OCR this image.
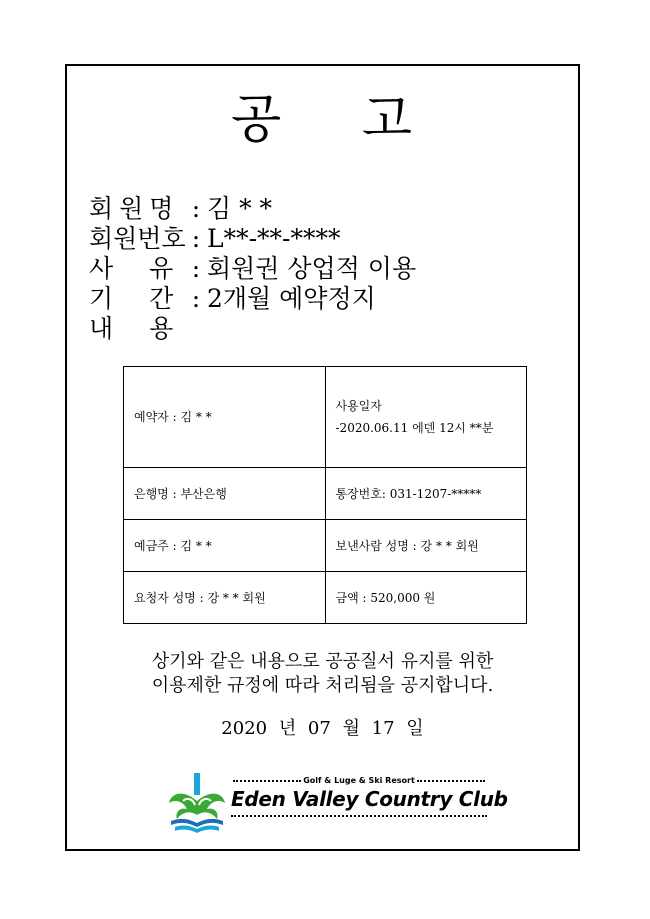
공 고
회원명 : 김 * *
회원번호 : L**-**-****
사 유 : 회원권 상업적 이용
기 간 : 2개월 예약정지
내 용
예약자 : 김 * *	사용일자
-2020.06.11 에덴 12시 **분

은행명 : 부산은행	통장번호: 031-1207-*****

예금주 : 김 * *	보낸사람 성명 : 강 * * 회원

요청자 성명 : 강 * * 회원	금액 : 520,000 원
상기와 같은 내용으로 공공질서 유지를 위한
이용제한 규정에 따라 처리됨을 공지합니다.
2020 년 07 월 17 일
Golf & Luge & Ski Resort
Eden Valley Country Club
